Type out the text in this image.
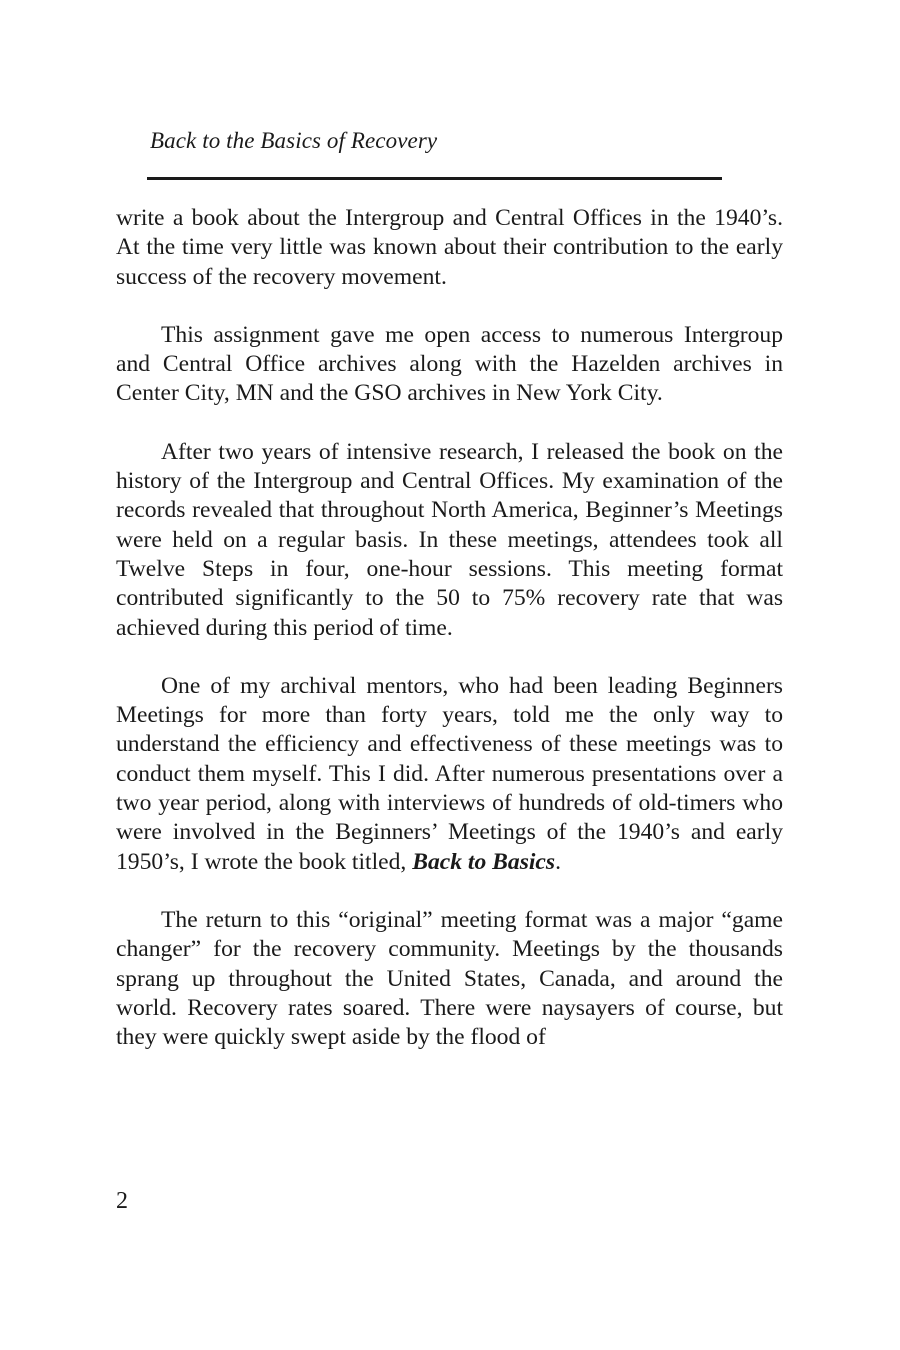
Back to the Basics of Recovery

write a book about the Intergroup and Central Offices in the 1940’s. At the time very little was known about their contribution to the early success of the recovery movement.

This assignment gave me open access to numerous Intergroup and Central Office archives along with the Hazelden archives in Center City, MN and the GSO archives in New York City.

After two years of intensive research, I released the book on the history of the Intergroup and Central Offices. My examination of the records revealed that throughout North America, Beginner’s Meetings were held on a regular basis. In these meetings, attendees took all Twelve Steps in four, one-hour sessions. This meeting format contributed significantly to the 50 to 75% recovery rate that was achieved during this period of time.

One of my archival mentors, who had been leading Beginners Meetings for more than forty years, told me the only way to understand the efficiency and effectiveness of these meetings was to conduct them myself. This I did. After numerous presentations over a two year period, along with interviews of hundreds of old-timers who were involved in the Beginners’ Meetings of the 1940’s and early 1950’s, I wrote the book titled, Back to Basics.

The return to this “original” meeting format was a major “game changer” for the recovery community. Meetings by the thousands sprang up throughout the United States, Canada, and around the world. Recovery rates soared. There were naysayers of course, but they were quickly swept aside by the flood of

2
